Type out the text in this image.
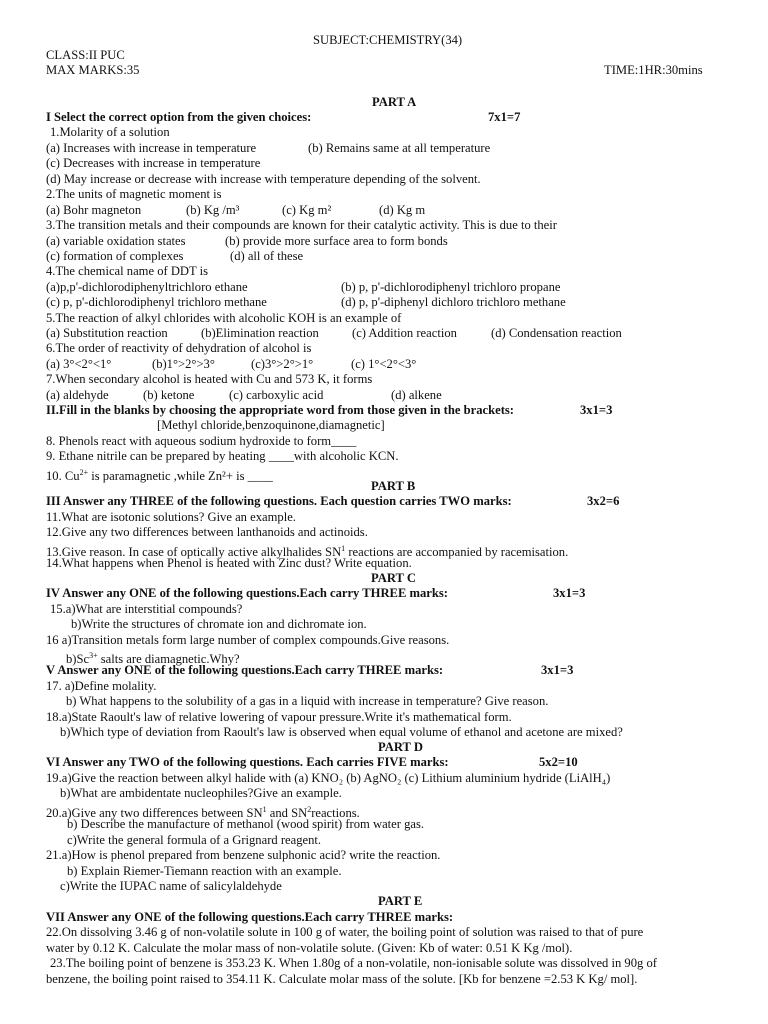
SUBJECT:CHEMISTRY(34)
CLASS:II PUC
MAX MARKS:35	TIME:1HR:30mins
PART A
I Select the correct option from the given choices:	7x1=7
1.Molarity of a solution
(a) Increases with increase in temperature	(b) Remains same at all temperature
(c) Decreases with increase in temperature
(d) May increase or decrease with increase with temperature depending of the solvent.
2.The units of magnetic moment is
(a) Bohr magneton	(b) Kg /m³	(c) Kg m²	(d) Kg m
3.The transition metals and their compounds are known for their catalytic activity. This is due to their
(a) variable oxidation states	(b) provide more surface area to form bonds
(c) formation of complexes	(d) all of these
4.The chemical name of DDT is
(a)p,p'-dichlorodiphenyltrichloro ethane	(b) p, p'-dichlorodiphenyl trichloro propane
(c) p, p'-dichlorodiphenyl trichloro methane	(d) p, p'-diphenyl dichloro trichloro methane
5.The reaction of alkyl chlorides with alcoholic KOH is an example of
(a) Substitution reaction	(b)Elimination reaction	(c) Addition reaction	(d) Condensation reaction
6.The order of reactivity of dehydration of alcohol is
(a) 3°<2°<1°	(b)1°>2°>3°	(c)3°>2°>1°	(c) 1°<2°<3°
7.When secondary alcohol is heated with Cu and 573 K, it forms
(a) aldehyde	(b) ketone	(c) carboxylic acid	(d) alkene
II.Fill in the blanks by choosing the appropriate word from those given in the brackets:	3x1=3
[Methyl chloride,benzoquinone,diamagnetic]
8. Phenols react with aqueous sodium hydroxide to form____
9. Ethane nitrile can be prepared by heating ____with alcoholic KCN.
10. $Cu^{2+}$ is paramagnetic ,while Zn²+ is ____
PART B
III Answer any THREE of the following questions. Each question carries TWO marks:	3x2=6
11.What are isotonic solutions? Give an example.
12.Give any two differences between lanthanoids and actinoids.
13.Give reason. In case of optically active alkylhalides $SN^1$ reactions are accompanied by racemisation.
14.What happens when Phenol is heated with Zinc dust? Write equation.
PART C
IV Answer any ONE of the following questions.Each carry THREE marks:	3x1=3
15.a)What are interstitial compounds?
b)Write the structures of chromate ion and dichromate ion.
16 a)Transition metals form large number of complex compounds.Give reasons.
$b)Sc^{3+}$ salts are diamagnetic.Why?
V Answer any ONE of the following questions.Each carry THREE marks:	3x1=3
17. a)Define molality.
b) What happens to the solubility of a gas in a liquid with increase in temperature? Give reason.
18.a)State Raoult's law of relative lowering of vapour pressure.Write it's mathematical form.
b)Which type of deviation from Raoult's law is observed when equal volume of ethanol and acetone are mixed?
PART D
VI Answer any TWO of the following questions. Each carries FIVE marks:	5x2=10
19.a)Give the reaction between alkyl halide with (a) KNO₂ (b) AgNO₂ (c) Lithium aluminium hydride (LiAlH₄)
b)What are ambidentate nucleophiles?Give an example.
20.a)Give any two differences between $SN^1$ and $SN^2reactions$.
b) Describe the manufacture of methanol (wood spirit) from water gas.
c)Write the general formula of a Grignard reagent.
21.a)How is phenol prepared from benzene sulphonic acid? write the reaction.
b) Explain Riemer-Tiemann reaction with an example.
c)Write the IUPAC name of salicylaldehyde
PART E
VII Answer any ONE of the following questions.Each carry THREE marks:
22.On dissolving 3.46 g of non-volatile solute in 100 g of water, the boiling point of solution was raised to that of pure
water by 0.12 K. Calculate the molar mass of non-volatile solute. (Given: Kb of water: 0.51 K Kg /mol).
23.The boiling point of benzene is 353.23 K. When 1.80g of a non-volatile, non-ionisable solute was dissolved in 90g of
benzene, the boiling point raised to 354.11 K. Calculate molar mass of the solute. [Kb for benzene =2.53 K Kg/ mol].
